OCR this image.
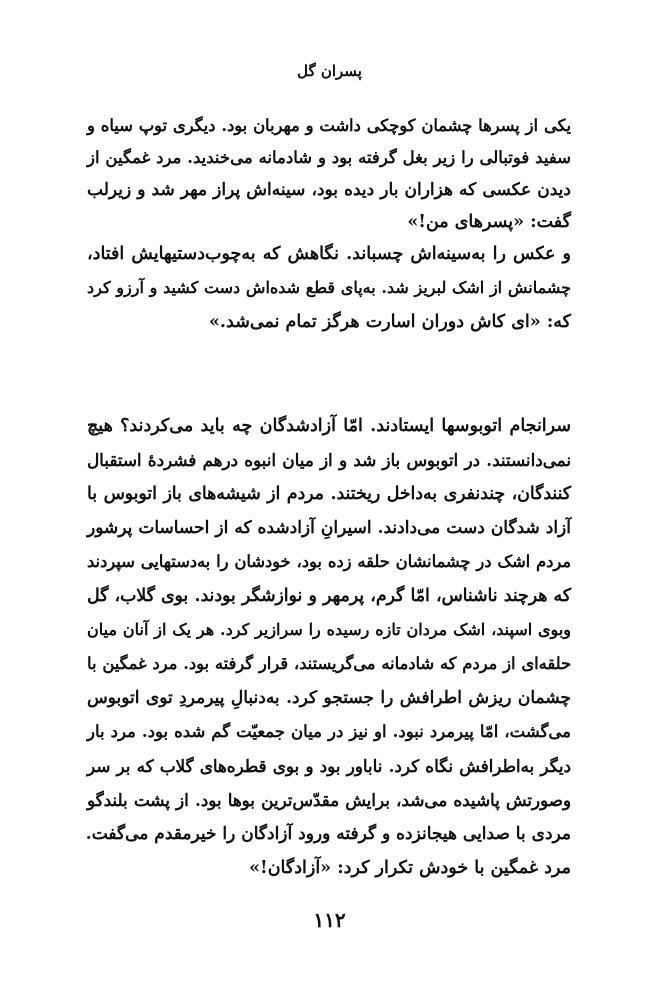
پسران گل
یکی از پسرها چشمان کوچکی داشت و مهربان بود. دیگری توپ سیاه و
سفید فوتبالی را زیر بغل گرفته بود و شادمانه می‌خندید. مرد غمگین از
دیدن عکسی که هزاران بار دیده بود، سینه‌اش پراز مهر شد و زیرلب
گفت: «پسرهای من!»
و عکس را به‌سینه‌اش چسباند. نگاهش که به‌چوب‌دستیهایش افتاد،
چشمانش از اشک لبریز شد. به‌پای قطع شده‌اش دست کشید و آرزو کرد
که: «ای کاش دوران اسارت هرگز تمام نمی‌شد.»
سرانجام اتوبوسها ایستادند. امّا آزادشدگان چه باید می‌کردند؟ هیچ
نمی‌دانستند. در اتوبوس باز شد و از میان انبوه درهم فشردهٔ استقبال
کنندگان، چندنفری به‌داخل ریختند. مردم از شیشه‌های باز اتوبوس با
آزاد شدگان دست می‌دادند. اسیرانِ آزادشده که از احساسات پرشور
مردم اشک در چشمانشان حلقه زده بود، خودشان را به‌دستهایی سپردند
که هرچند ناشناس، امّا گرم، پرمهر و نوازشگر بودند. بوی گلاب، گل
وبوی اسپند، اشک مردان تازه رسیده را سرازیر کرد. هر یک از آنان میان
حلقه‌ای از مردم که شادمانه می‌گریستند، قرار گرفته بود. مرد غمگین با
چشمان ریزش اطرافش را جستجو کرد. به‌دنبالِ پیرمردِ توی اتوبوس
می‌گشت، امّا پیرمرد نبود. او نیز در میان جمعیّت گم شده بود. مرد بار
دیگر به‌اطرافش نگاه کرد. ناباور بود و بوی قطره‌های گلاب که بر سر
وصورتش پاشیده می‌شد، برایش مقدّس‌ترین بوها بود. از پشت بلندگو
مردی با صدایی هیجانزده و گرفته ورود آزادگان را خیرمقدم می‌گفت.
مرد غمگین با خودش تکرار کرد: «آزادگان!»
۱۱۲
